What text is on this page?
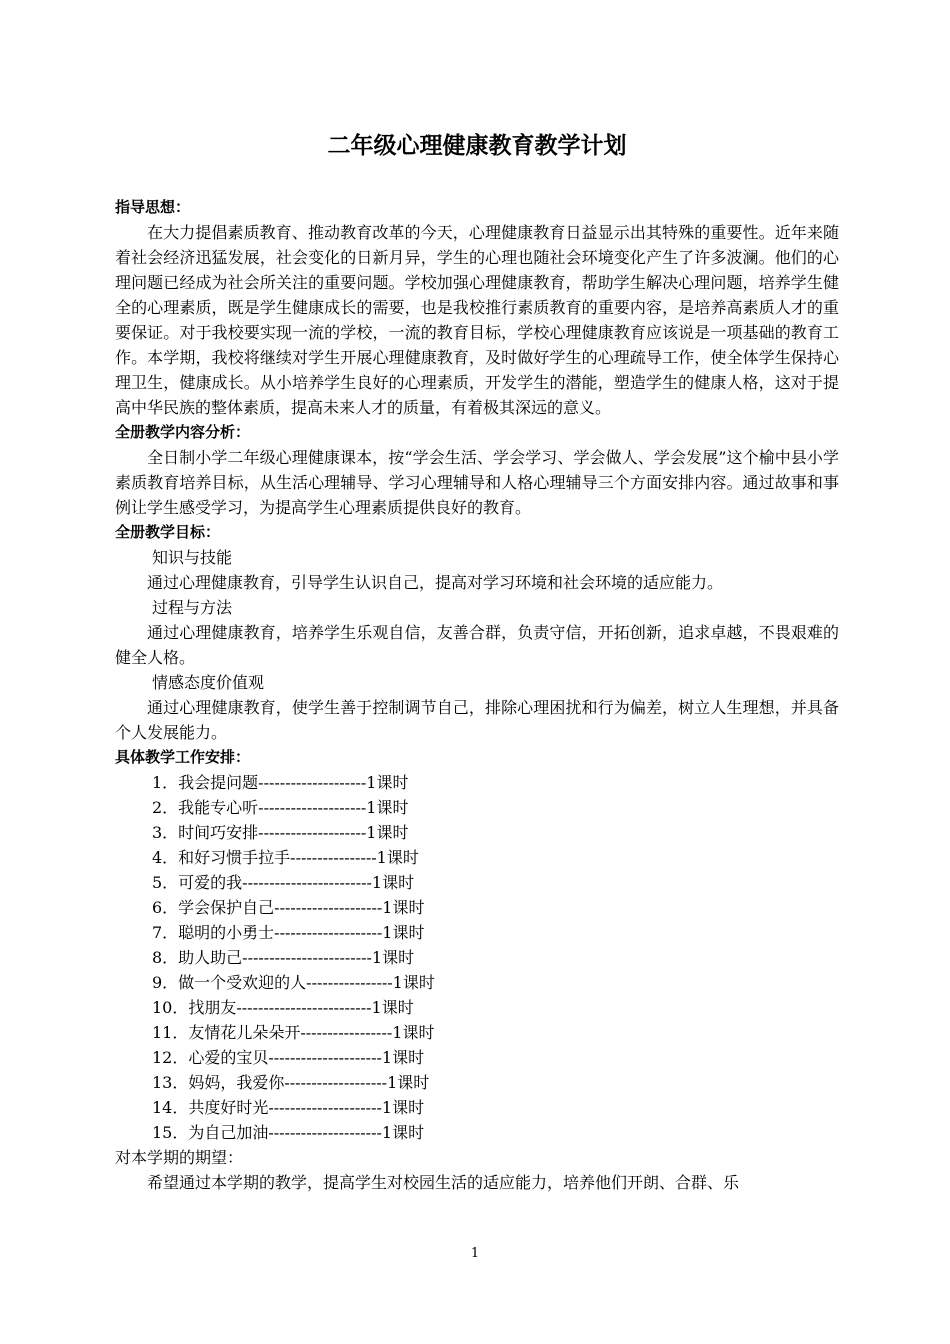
二年级心理健康教育教学计划
指导思想：
在大力提倡素质教育、推动教育改革的今天，心理健康教育日益显示出其特殊的重要性。近年来随着社会经济迅猛发展，社会变化的日新月异，学生的心理也随社会环境变化产生了许多波澜。他们的心理问题已经成为社会所关注的重要问题。学校加强心理健康教育，帮助学生解决心理问题，培养学生健全的心理素质，既是学生健康成长的需要，也是我校推行素质教育的重要内容，是培养高素质人才的重要保证。对于我校要实现一流的学校，一流的教育目标，学校心理健康教育应该说是一项基础的教育工作。本学期，我校将继续对学生开展心理健康教育，及时做好学生的心理疏导工作，使全体学生保持心理卫生，健康成长。从小培养学生良好的心理素质，开发学生的潜能，塑造学生的健康人格，这对于提高中华民族的整体素质，提高未来人才的质量，有着极其深远的意义。
全册教学内容分析：
全日制小学二年级心理健康课本，按“学会生活、学会学习、学会做人、学会发展”这个榆中县小学素质教育培养目标，从生活心理辅导、学习心理辅导和人格心理辅导三个方面安排内容。通过故事和事例让学生感受学习，为提高学生心理素质提供良好的教育。
全册教学目标：
知识与技能
通过心理健康教育，引导学生认识自己，提高对学习环境和社会环境的适应能力。
过程与方法
通过心理健康教育，培养学生乐观自信，友善合群，负责守信，开拓创新，追求卓越，不畏艰难的健全人格。
情感态度价值观
通过心理健康教育，使学生善于控制调节自己，排除心理困扰和行为偏差，树立人生理想，并具备个人发展能力。
具体教学工作安排：
1．我会提问题--------------------1课时
2．我能专心听--------------------1课时
3．时间巧安排--------------------1课时
4．和好习惯手拉手----------------1课时
5．可爱的我------------------------1课时
6．学会保护自己--------------------1课时
7．聪明的小勇士--------------------1课时
8．助人助己------------------------1课时
9．做一个受欢迎的人----------------1课时
10．找朋友-------------------------1课时
11．友情花儿朵朵开-----------------1课时
12．心爱的宝贝---------------------1课时
13．妈妈，我爱你-------------------1课时
14．共度好时光---------------------1课时
15．为自己加油---------------------1课时
对本学期的期望：
希望通过本学期的教学，提高学生对校园生活的适应能力，培养他们开朗、合群、乐
1
